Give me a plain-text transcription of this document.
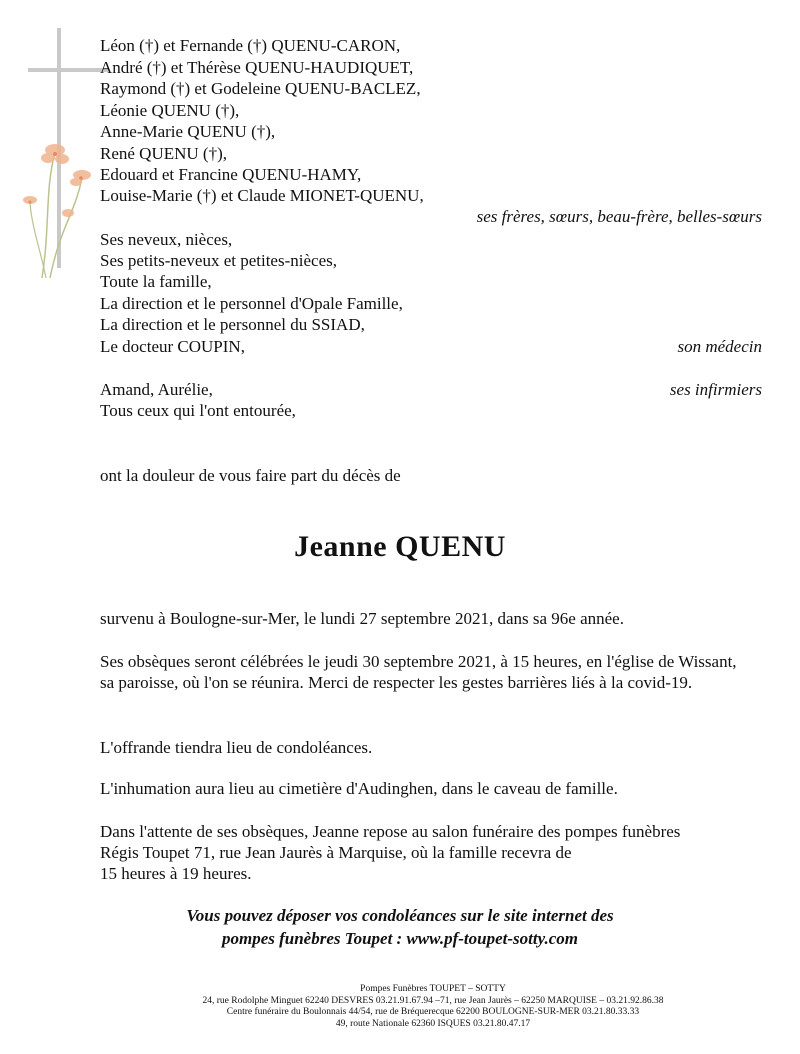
Léon (†) et Fernande (†) QUENU-CARON,
André (†) et Thérèse QUENU-HAUDIQUET,
Raymond (†) et Godeleine QUENU-BACLEZ,
Léonie QUENU (†),
Anne-Marie QUENU (†),
René QUENU (†),
Edouard et Francine QUENU-HAMY,
Louise-Marie (†) et Claude MIONET-QUENU,
ses frères, sœurs, beau-frère, belles-sœurs
Ses neveux, nièces,
Ses petits-neveux et petites-nièces,
Toute la famille,
La direction et le personnel d'Opale Famille,
La direction et le personnel du SSIAD,
Le docteur COUPIN,	son médecin
Amand, Aurélie,
Tous ceux qui l'ont entourée,
ses infirmiers
ont la douleur de vous faire part du décès de
Jeanne QUENU
survenu à Boulogne-sur-Mer, le lundi 27 septembre 2021, dans sa 96e année.
Ses obsèques seront célébrées le jeudi 30 septembre 2021, à 15 heures, en l'église de Wissant, sa paroisse, où l'on se réunira. Merci de respecter les gestes barrières liés à la covid-19.
L'offrande tiendra lieu de condoléances.
L'inhumation aura lieu au cimetière d'Audinghen, dans le caveau de famille.
Dans l'attente de ses obsèques, Jeanne repose au salon funéraire des pompes funèbres
Régis Toupet 71, rue Jean Jaurès à Marquise, où la famille recevra de
15 heures à 19 heures.
Vous pouvez déposer vos condoléances sur le site internet des
pompes funèbres Toupet : www.pf-toupet-sotty.com
Pompes Funèbres TOUPET – SOTTY
24, rue Rodolphe Minguet 62240 DESVRES 03.21.91.67.94 –71, rue Jean Jaurès – 62250 MARQUISE – 03.21.92.86.38
Centre funéraire du Boulonnais 44/54, rue de Bréquerecque 62200 BOULOGNE-SUR-MER 03.21.80.33.33
49, route Nationale 62360 ISQUES 03.21.80.47.17
